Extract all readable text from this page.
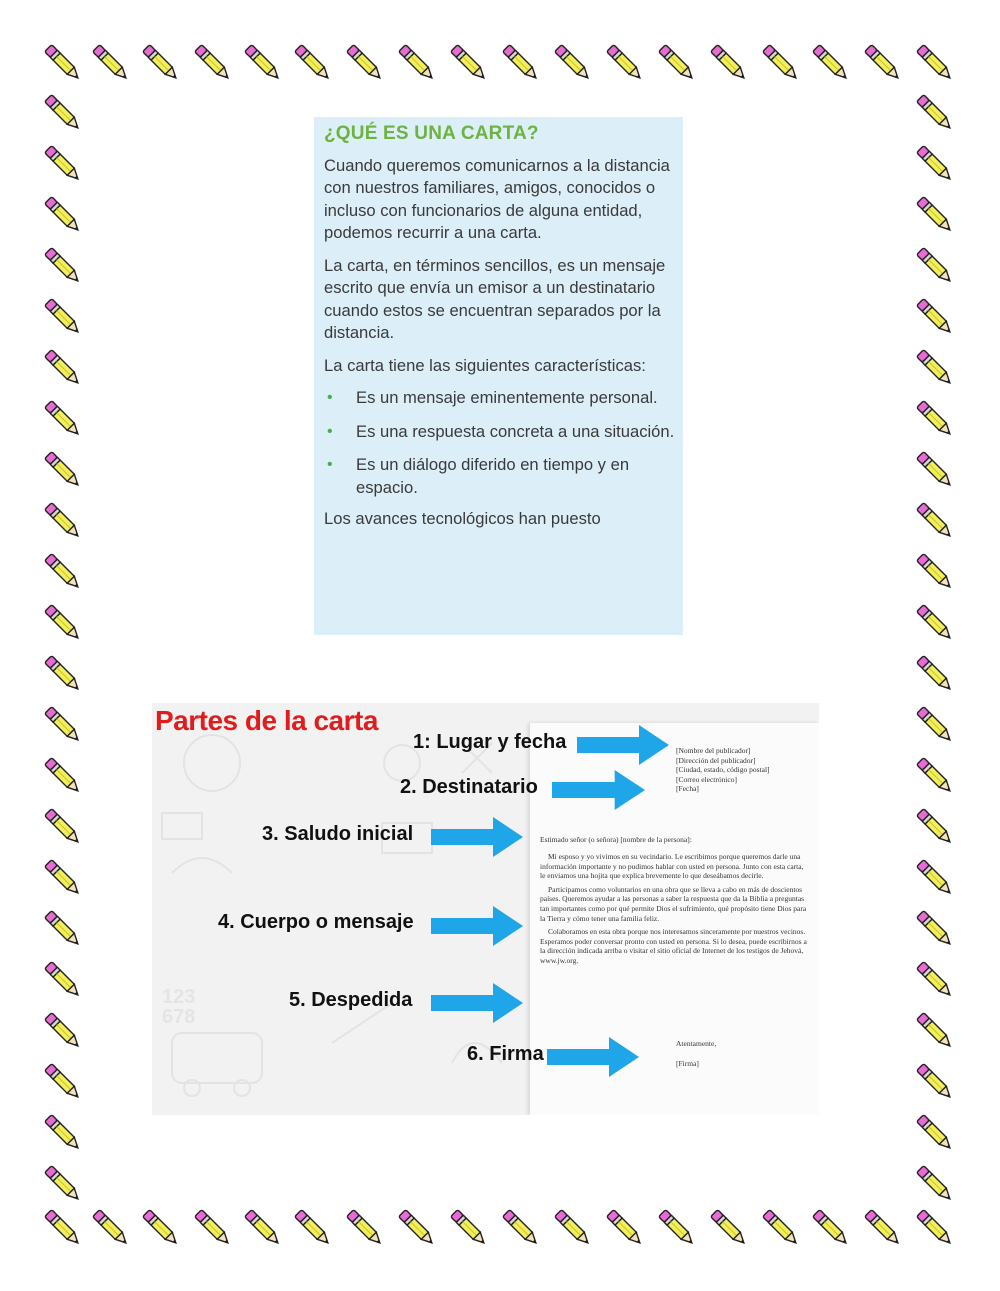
¿QUÉ ES UNA CARTA?

Cuando queremos comunicarnos a la distancia con nuestros familiares, amigos, conocidos o incluso con funcionarios de alguna entidad, podemos recurrir a una carta.

La carta, en términos sencillos, es un mensaje escrito que envía un emisor a un destinatario cuando estos se encuentran separados por la distancia.

La carta tiene las siguientes características:

• Es un mensaje eminentemente personal.
• Es una respuesta concreta a una situación.
• Es un diálogo diferido en tiempo y en espacio.

Los avances tecnológicos han puesto

123
678
Partes de la carta
[Nombre del publicador]
[Dirección del publicador]
[Ciudad, estado, código postal]
[Correo electrónico]
[Fecha]
Estimado señor (o señora) [nombre de la persona]:

Mi esposo y yo vivimos en su vecindario. Le escribimos porque queremos darle una información importante y no pudimos hablar con usted en persona. Junto con esta carta, le enviamos una hojita que explica brevemente lo que deseábamos decirle.

Participamos como voluntarios en una obra que se lleva a cabo en más de doscientos países. Queremos ayudar a las personas a saber la respuesta que da la Biblia a preguntas tan importantes como por qué permite Dios el sufrimiento, qué propósito tiene Dios para la Tierra y cómo tener una familia feliz.

Colaboramos en esta obra porque nos interesamos sinceramente por nuestros vecinos. Esperamos poder conversar pronto con usted en persona. Si lo desea, puede escribirnos a la dirección indicada arriba o visitar el sitio oficial de Internet de los testigos de Jehová, www.jw.org.

Atentamente,
[Firma]
1: Lugar y fecha
2. Destinatario
3. Saludo inicial
4. Cuerpo o mensaje
5. Despedida
6. Firma
